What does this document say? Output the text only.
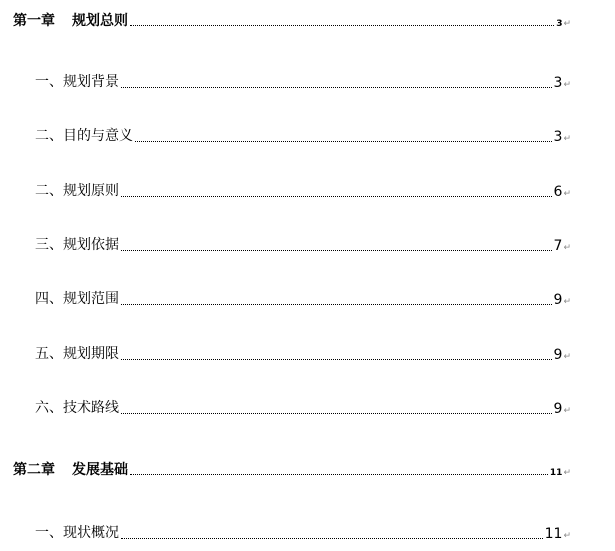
第一章 规划总则	3 ↵
一、规划背景	3 ↵
二、目的与意义	3 ↵
二、规划原则	6 ↵
三、规划依据	7 ↵
四、规划范围	9 ↵
五、规划期限	9 ↵
六、技术路线	9 ↵
第二章 发展基础	11 ↵
一、现状概况	11 ↵
